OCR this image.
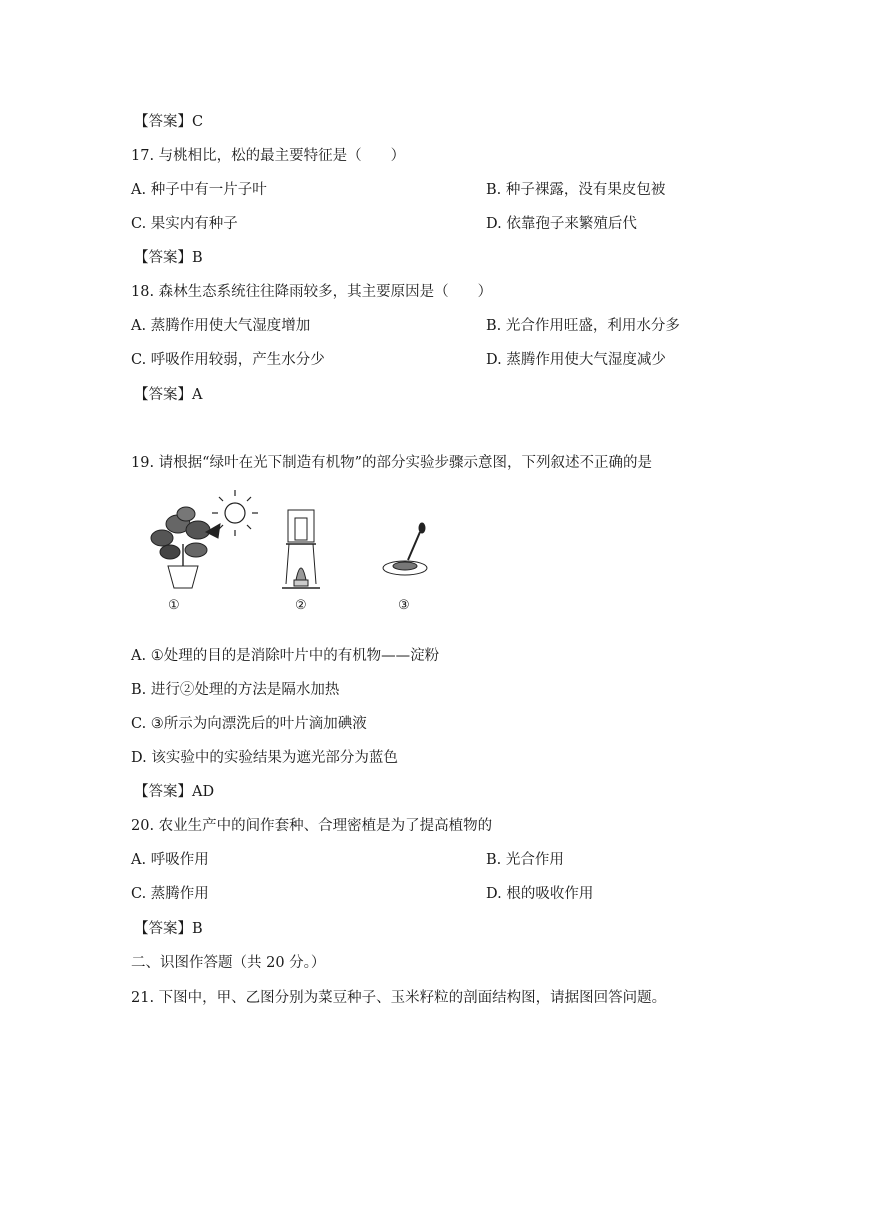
【答案】C
17. 与桃相比，松的最主要特征是（　　）
A. 种子中有一片子叶	B. 种子裸露，没有果皮包被
C. 果实内有种子	D. 依靠孢子来繁殖后代
【答案】B
18. 森林生态系统往往降雨较多，其主要原因是（　　）
A. 蒸腾作用使大气湿度增加	B. 光合作用旺盛，利用水分多
C. 呼吸作用较弱，产生水分少	D. 蒸腾作用使大气湿度减少
【答案】A
19. 请根据“绿叶在光下制造有机物”的部分实验步骤示意图，下列叙述不正确的是
①	②	③
A. ①处理的目的是消除叶片中的有机物——淀粉
B. 进行②处理的方法是隔水加热
C. ③所示为向漂洗后的叶片滴加碘液
D. 该实验中的实验结果为遮光部分为蓝色
【答案】AD
20. 农业生产中的间作套种、合理密植是为了提高植物的
A. 呼吸作用	B. 光合作用
C. 蒸腾作用	D. 根的吸收作用
【答案】B
二、识图作答题（共 20 分。）
21. 下图中，甲、乙图分别为菜豆种子、玉米籽粒的剖面结构图，请据图回答问题。
